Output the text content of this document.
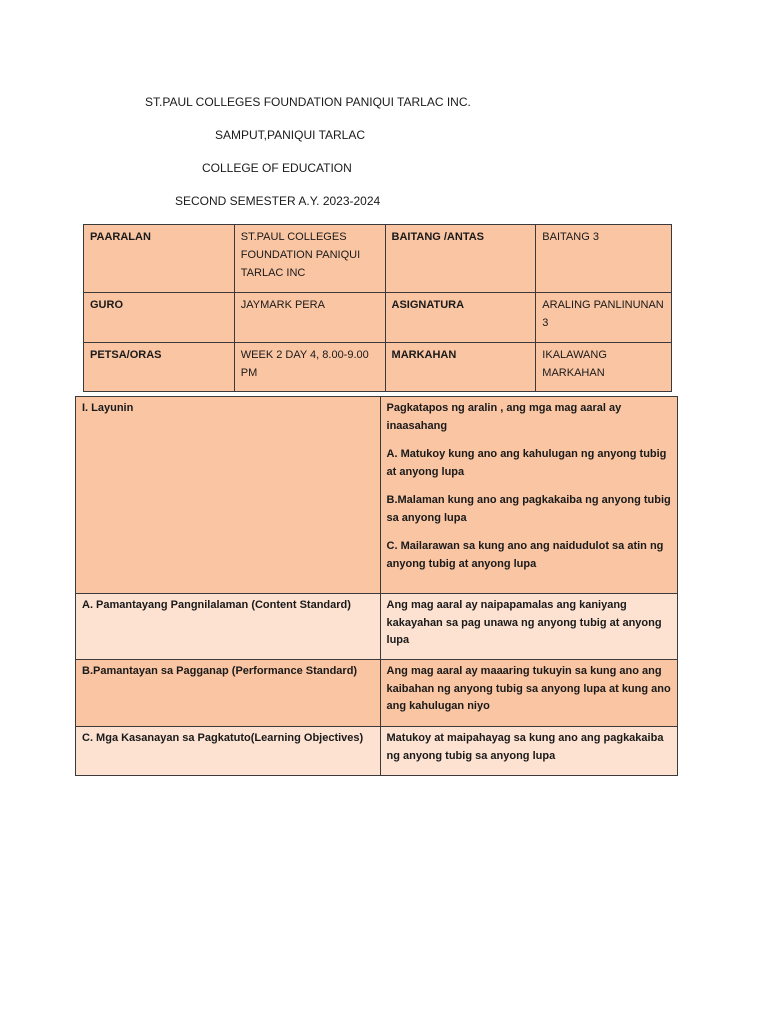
ST.PAUL COLLEGES FOUNDATION PANIQUI TARLAC INC.
SAMPUT,PANIQUI TARLAC
COLLEGE OF EDUCATION
SECOND SEMESTER A.Y. 2023-2024
PAARALAN	ST.PAUL COLLEGES FOUNDATION PANIQUI TARLAC INC	BAITANG /ANTAS	BAITANG 3
GURO	JAYMARK PERA	ASIGNATURA	ARALING PANLINUNAN 3
PETSA/ORAS	WEEK 2 DAY 4, 8.00-9.00 PM	MARKAHAN	IKALAWANG MARKAHAN
I. Layunin	Pagkatapos ng aralin , ang mga mag aaral ay inaasahang

A. Matukoy kung ano ang kahulugan ng anyong tubig at anyong lupa

B.Malaman kung ano ang pagkakaiba ng anyong tubig sa anyong lupa

C. Mailarawan sa kung ano ang naidudulot sa atin ng anyong tubig at anyong lupa

A. Pamantayang Pangnilalaman (Content Standard)	Ang mag aaral ay naipapamalas ang kaniyang kakayahan sa pag unawa ng anyong tubig at anyong lupa
B.Pamantayan sa Pagganap (Performance Standard)	Ang mag aaral ay maaaring tukuyin sa kung ano ang kaibahan ng anyong tubig sa anyong lupa at kung ano ang kahulugan niyo
C. Mga Kasanayan sa Pagkatuto(Learning Objectives)	Matukoy at maipahayag sa kung ano ang pagkakaiba ng anyong tubig sa anyong lupa
